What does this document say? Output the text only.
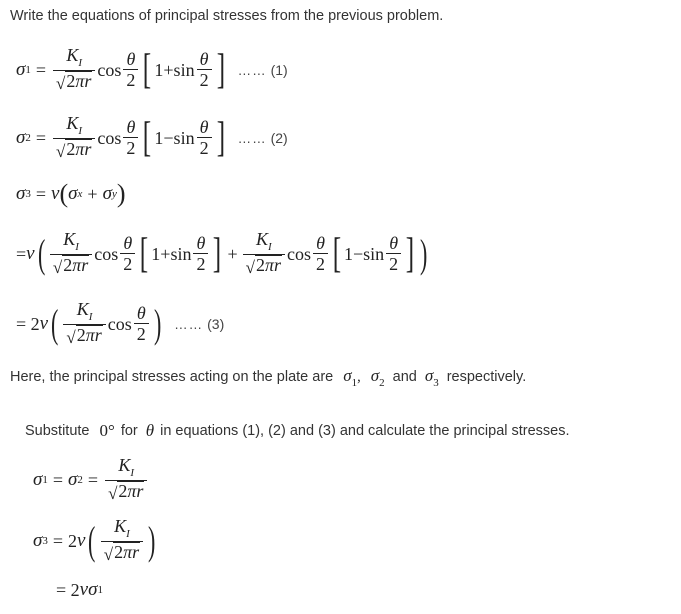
Write the equations of principal stresses from the previous problem.
σ $1 = \frac{K_I}{√ 2\pi r}$ $\cos \frac{\theta}{2}$ [ $1+\sin \frac{\theta}{2}$ ] …… (1)
σ $2 = \frac{K_I}{√ 2\pi r}$ $\cos \frac{\theta}{2}$ [ $1-\sin \frac{\theta}{2}$ ] …… (2)
σ 3 = ν ( σ x + σ y )
= ν ( $\frac{K_I}{√ 2\pi r}$ $\cos \frac{\theta}{2}$ [ $1+\sin \frac{\theta}{2}$ ] + $\frac{K_I}{√ 2\pi r}$ $\cos \frac{\theta}{2}$ [ $1-\sin \frac{\theta}{2}$ ] )
= 2 ν ( $\frac{K_I}{√ 2\pi r}$ $\cos \frac{\theta}{2}$ ) …… (3)
Here, the principal stresses acting on the plate are $\sigma_1$ , $\sigma_2$ and $\sigma_3$ respectively.
Substitute 0° for θ in equations (1), (2) and (3) and calculate the principal stresses.
σ 1 = σ $2 = \frac{K_I}{√ 2\pi r}$
σ 3 = 2 ν ( $\frac{K_I}{√ 2\pi r}$ )
= 2 νσ 1
